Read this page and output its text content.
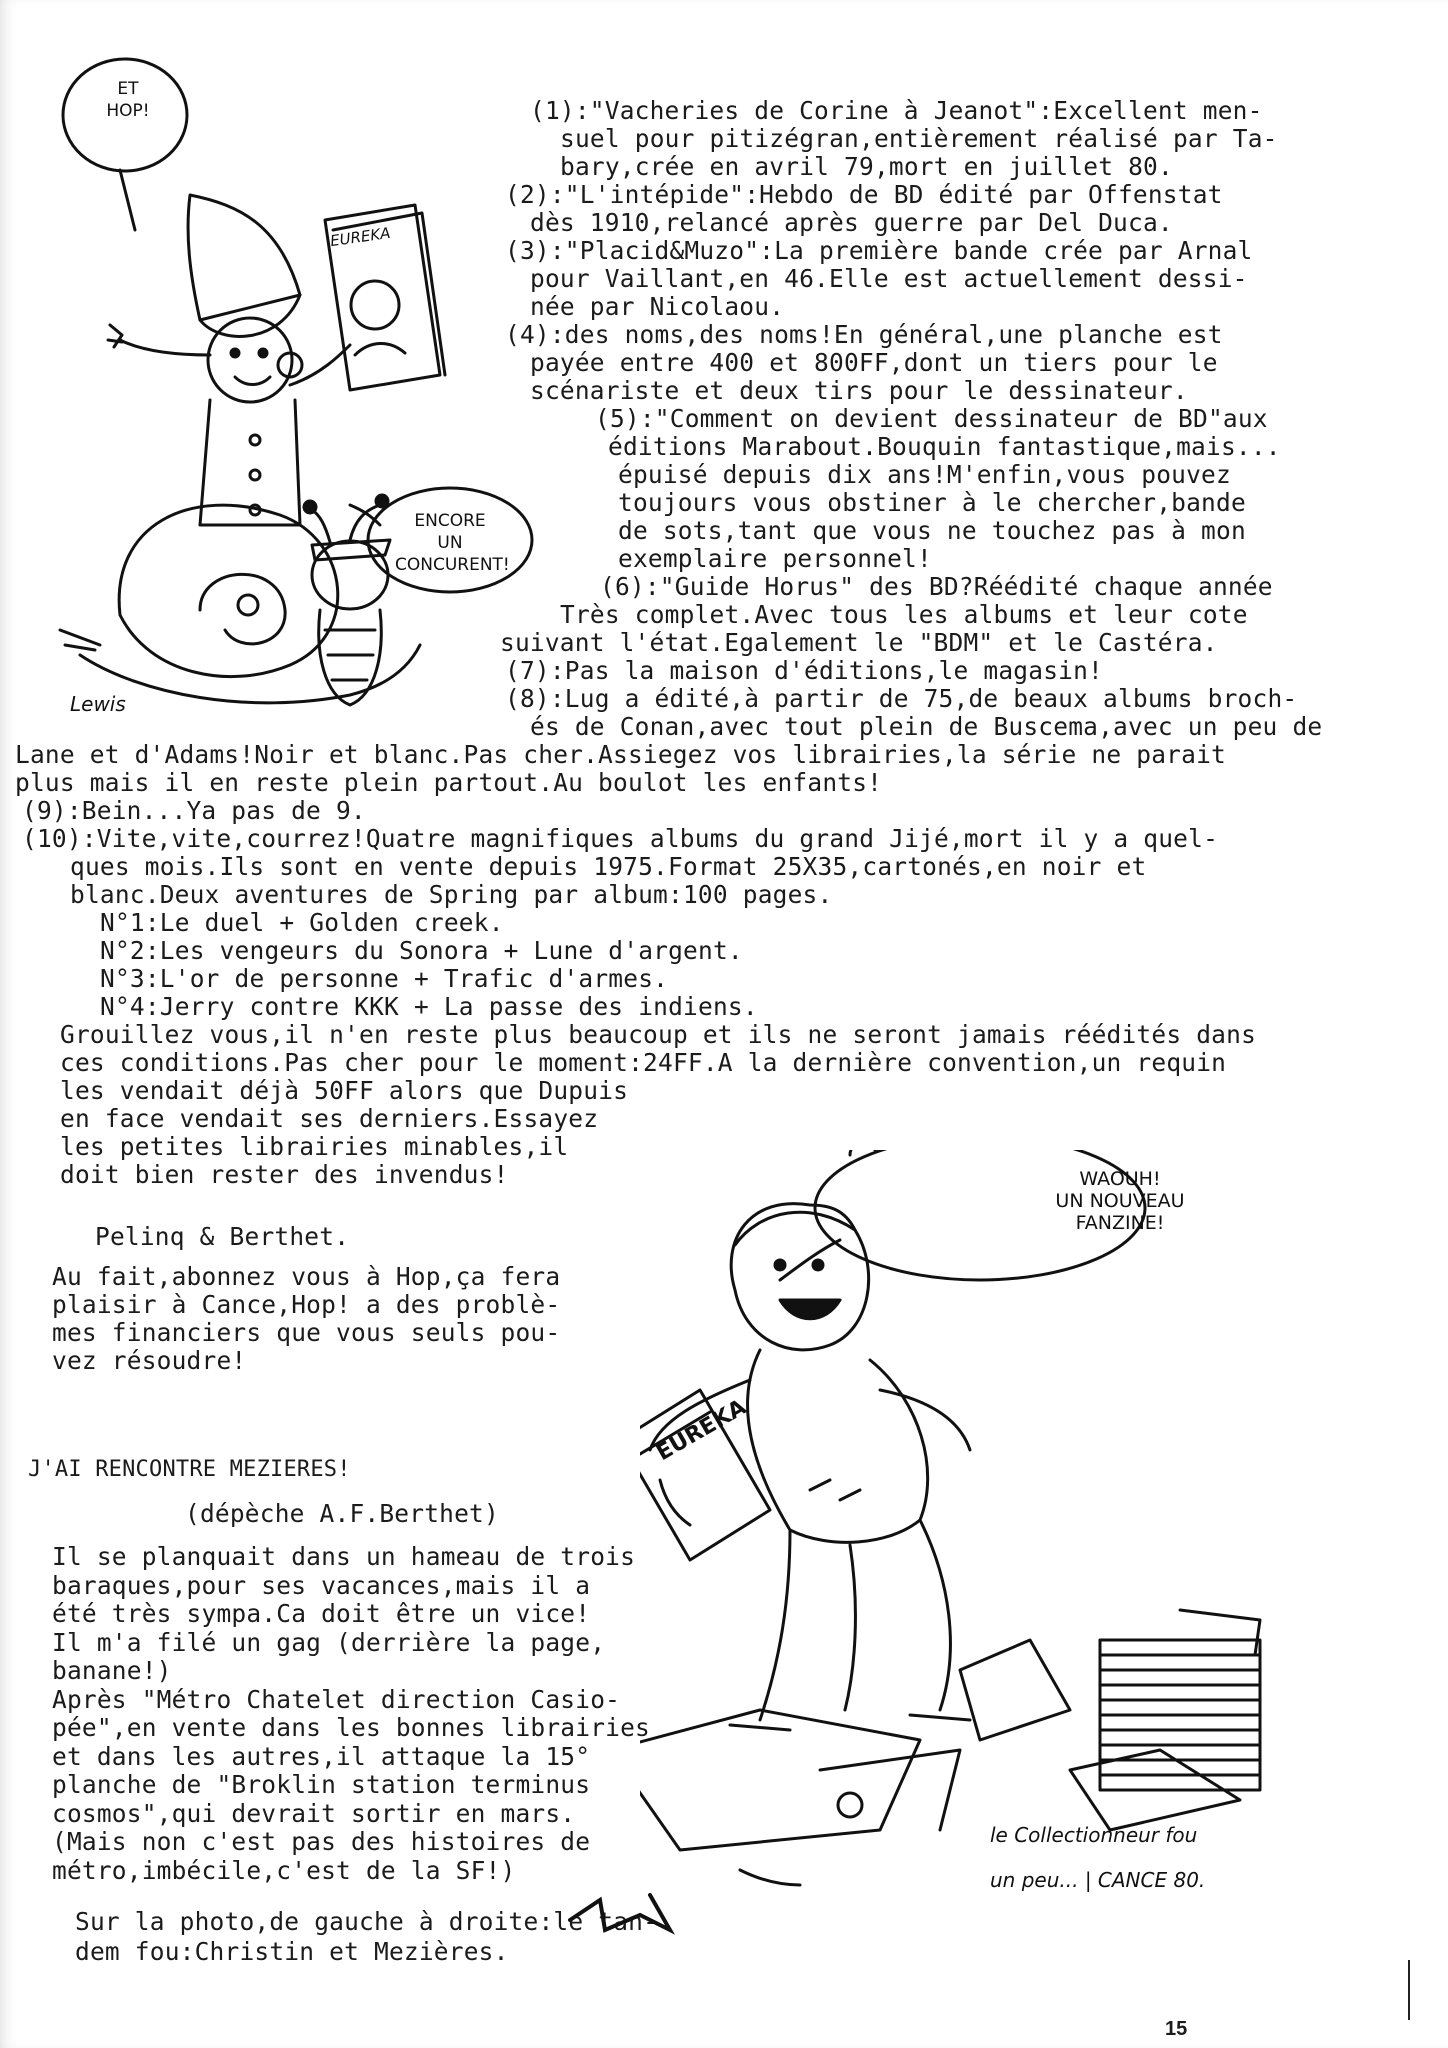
ET
HOP!
ENCORE
UN
CONCURENT!
EUREKA
Lewis
(1):"Vacheries de Corine à Jeanot":Excellent men-
suel pour pitizégran,entièrement réalisé par Ta-
bary,crée en avril 79,mort en juillet 80.
(2):"L'intépide":Hebdo de BD édité par Offenstat
dès 1910,relancé après guerre par Del Duca.
(3):"Placid&Muzo":La première bande crée par Arnal
pour Vaillant,en 46.Elle est actuellement dessi-
née par Nicolaou.
(4):des noms,des noms!En général,une planche est
payée entre 400 et 800FF,dont un tiers pour le
scénariste et deux tirs pour le dessinateur.
(5):"Comment on devient dessinateur de BD"aux
éditions Marabout.Bouquin fantastique,mais...
épuisé depuis dix ans!M'enfin,vous pouvez
toujours vous obstiner à le chercher,bande
de sots,tant que vous ne touchez pas à mon
exemplaire personnel!
(6):"Guide Horus" des BD?Réédité chaque année
Très complet.Avec tous les albums et leur cote
suivant l'état.Egalement le "BDM" et le Castéra.
(7):Pas la maison d'éditions,le magasin!
(8):Lug a édité,à partir de 75,de beaux albums broch-
és de Conan,avec tout plein de Buscema,avec un peu de
Lane et d'Adams!Noir et blanc.Pas cher.Assiegez vos librairies,la série ne parait
plus mais il en reste plein partout.Au boulot les enfants!
(9):Bein...Ya pas de 9.
(10):Vite,vite,courrez!Quatre magnifiques albums du grand Jijé,mort il y a quel-
ques mois.Ils sont en vente depuis 1975.Format 25X35,cartonés,en noir et
blanc.Deux aventures de Spring par album:100 pages.
N°1:Le duel + Golden creek.
N°2:Les vengeurs du Sonora + Lune d'argent.
N°3:L'or de personne + Trafic d'armes.
N°4:Jerry contre KKK + La passe des indiens.
Grouillez vous,il n'en reste plus beaucoup et ils ne seront jamais réédités dans
ces conditions.Pas cher pour le moment:24FF.A la dernière convention,un requin
les vendait déjà 50FF alors que Dupuis
en face vendait ses derniers.Essayez
les petites librairies minables,il
doit bien rester des invendus!
Pelinq & Berthet.
Au fait,abonnez vous à Hop,ça fera
plaisir à Cance,Hop! a des problè-
mes financiers que vous seuls pou-
vez résoudre!
J'AI RENCONTRE MEZIERES!
(dépèche A.F.Berthet)
Il se planquait dans un hameau de trois
baraques,pour ses vacances,mais il a
été très sympa.Ca doit être un vice!
Il m'a filé un gag (derrière la page,
banane!)
Après "Métro Chatelet direction Casio-
pée",en vente dans les bonnes librairies
et dans les autres,il attaque la 15°
planche de "Broklin station terminus
cosmos",qui devrait sortir en mars.
(Mais non c'est pas des histoires de
métro,imbécile,c'est de la SF!)
Sur la photo,de gauche à droite:le tan-
dem fou:Christin et Mezières.
WAOUH!
UN NOUVEAU
FANZINE!
EUREKA
le Collectionneur fou
un peu... | CANCE 80.
15
